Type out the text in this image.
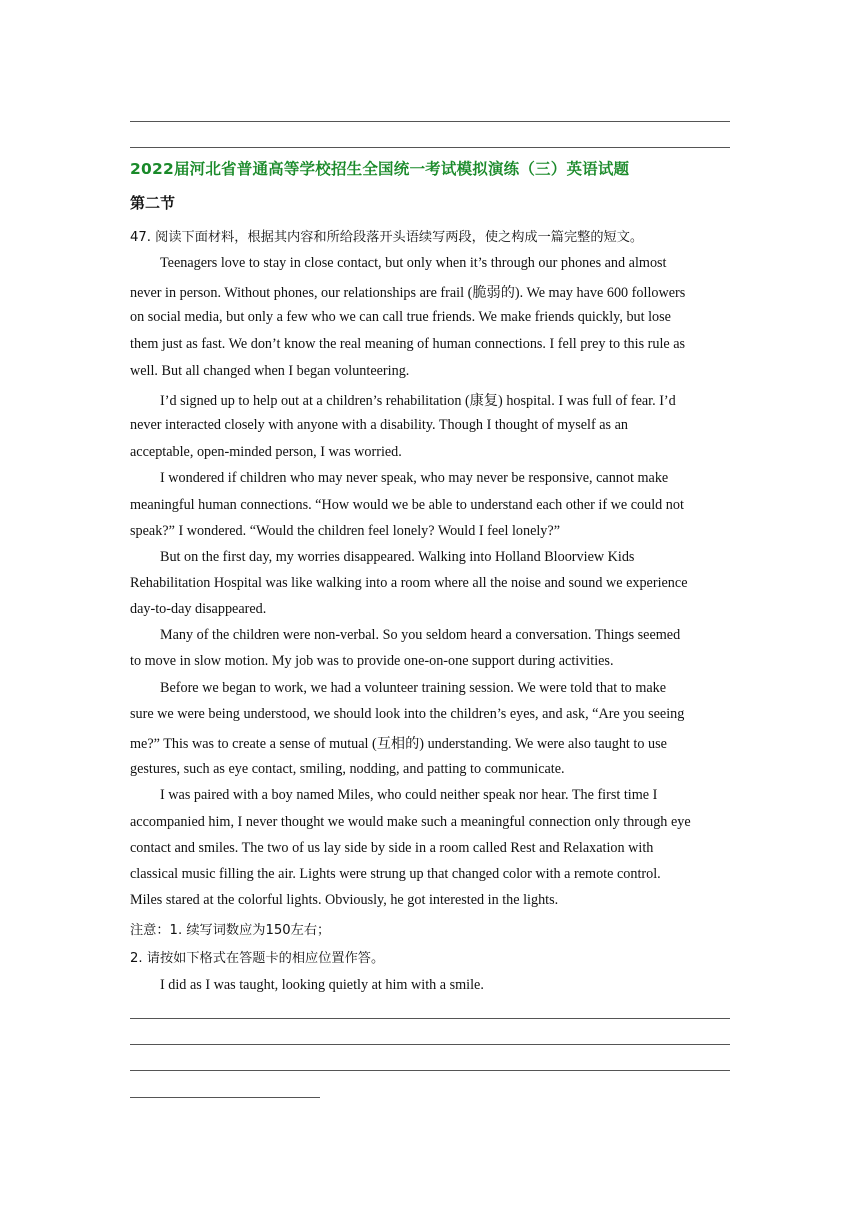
2022届河北省普通高等学校招生全国统一考试模拟演练（三）英语试题
第二节
47. 阅读下面材料，根据其内容和所给段落开头语续写两段，使之构成一篇完整的短文。
Teenagers love to stay in close contact, but only when it’s through our phones and almost
never in person. Without phones, our relationships are frail (脆弱的). We may have 600 followers
on social media, but only a few who we can call true friends. We make friends quickly, but lose
them just as fast. We don’t know the real meaning of human connections. I fell prey to this rule as
well. But all changed when I began volunteering.
I’d signed up to help out at a children’s rehabilitation (康复) hospital. I was full of fear. I’d
never interacted closely with anyone with a disability. Though I thought of myself as an
acceptable, open-minded person, I was worried.
I wondered if children who may never speak, who may never be responsive, cannot make
meaningful human connections. “How would we be able to understand each other if we could not
speak?” I wondered. “Would the children feel lonely? Would I feel lonely?”
But on the first day, my worries disappeared. Walking into Holland Bloorview Kids
Rehabilitation Hospital was like walking into a room where all the noise and sound we experience
day-to-day disappeared.
Many of the children were non-verbal. So you seldom heard a conversation. Things seemed
to move in slow motion. My job was to provide one-on-one support during activities.
Before we began to work, we had a volunteer training session. We were told that to make
sure we were being understood, we should look into the children’s eyes, and ask, “Are you seeing
me?” This was to create a sense of mutual (互相的) understanding. We were also taught to use
gestures, such as eye contact, smiling, nodding, and patting to communicate.
I was paired with a boy named Miles, who could neither speak nor hear. The first time I
accompanied him, I never thought we would make such a meaningful connection only through eye
contact and smiles. The two of us lay side by side in a room called Rest and Relaxation with
classical music filling the air. Lights were strung up that changed color with a remote control.
Miles stared at the colorful lights. Obviously, he got interested in the lights.
注意：1. 续写词数应为150左右；
2. 请按如下格式在答题卡的相应位置作答。
I did as I was taught, looking quietly at him with a smile.
